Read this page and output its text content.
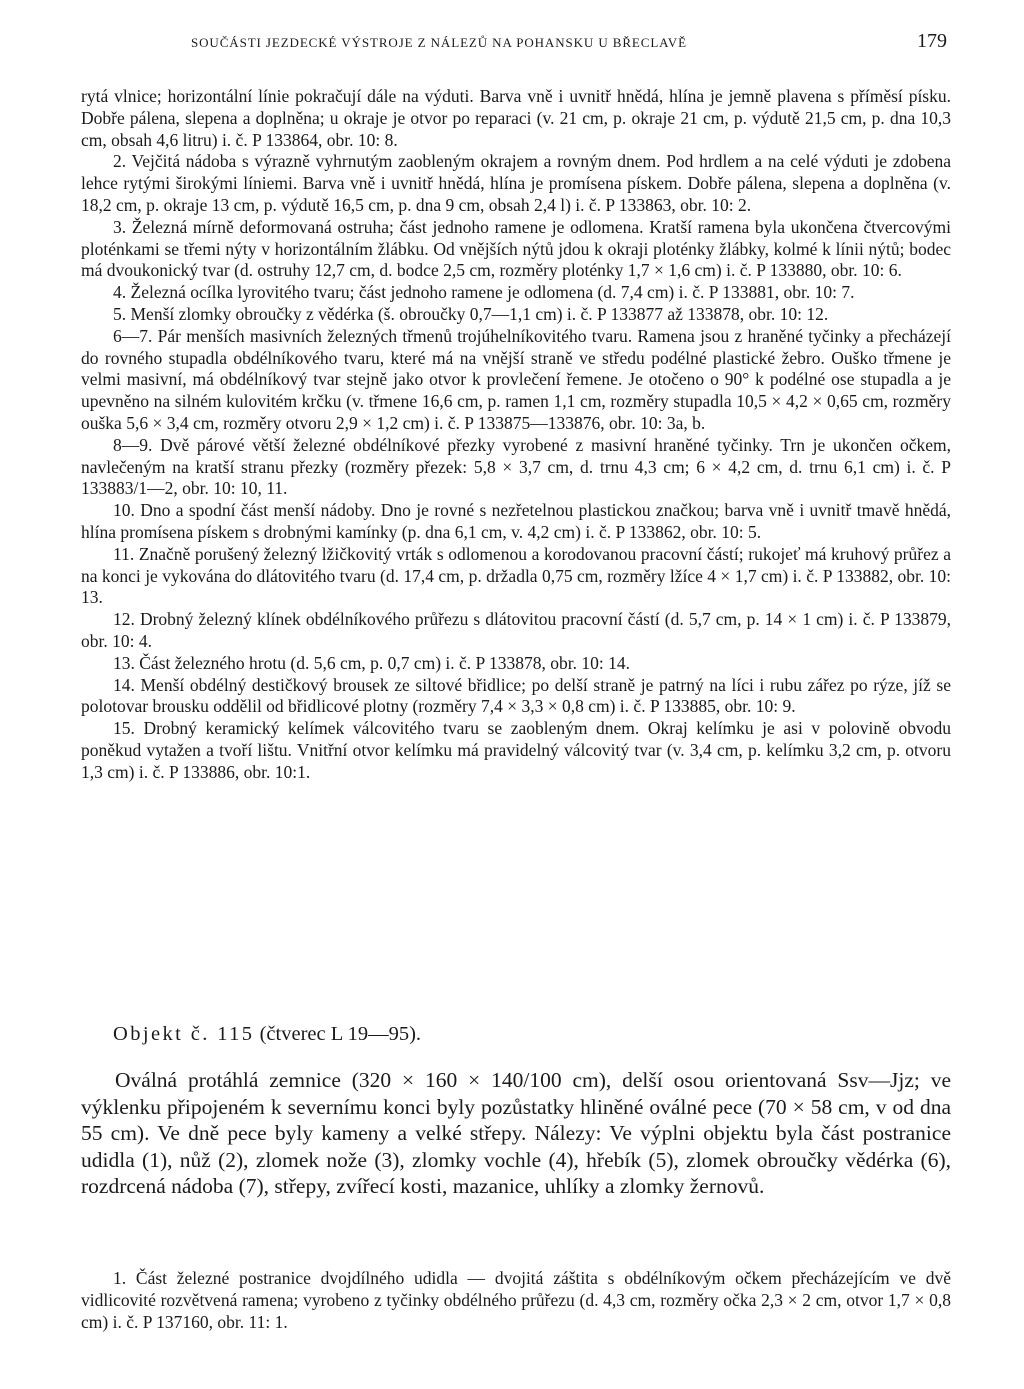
SOUČÁSTI JEZDECKÉ VÝSTROJE Z NÁLEZŮ NA POHANSKU U BŘECLAVĚ	179

rytá vlnice; horizontální línie pokračují dále na výduti. Barva vně i uvnitř hnědá, hlína je jemně plavena s příměsí písku. Dobře pálena, slepena a doplněna; u okraje je otvor po reparaci (v. 21 cm, p. okraje 21 cm, p. výdutě 21,5 cm, p. dna 10,3 cm, obsah 4,6 litru) i. č. P 133864, obr. 10: 8.

2. Vejčitá nádoba s výrazně vyhrnutým zaobleným okrajem a rovným dnem. Pod hrdlem a na celé výduti je zdobena lehce rytými širokými líniemi. Barva vně i uvnitř hnědá, hlína je promísena pískem. Dobře pálena, slepena a doplněna (v. 18,2 cm, p. okraje 13 cm, p. výdutě 16,5 cm, p. dna 9 cm, obsah 2,4 l) i. č. P 133863, obr. 10: 2.

3. Železná mírně deformovaná ostruha; část jednoho ramene je odlomena. Kratší ramena byla ukončena čtvercovými ploténkami se třemi nýty v horizontálním žlábku. Od vnějších nýtů jdou k okraji ploténky žlábky, kolmé k línii nýtů; bodec má dvoukonický tvar (d. ostruhy 12,7 cm, d. bodce 2,5 cm, rozměry ploténky 1,7 × 1,6 cm) i. č. P 133880, obr. 10: 6.

4. Železná ocílka lyrovitého tvaru; část jednoho ramene je odlomena (d. 7,4 cm) i. č. P 133881, obr. 10: 7.

5. Menší zlomky obroučky z vědérka (š. obroučky 0,7—1,1 cm) i. č. P 133877 až 133878, obr. 10: 12.

6—7. Pár menších masivních železných třmenů trojúhelníkovitého tvaru. Ramena jsou z hraněné tyčinky a přecházejí do rovného stupadla obdélníkového tvaru, které má na vnější straně ve středu podélné plastické žebro. Ouško třmene je velmi masivní, má obdélníkový tvar stejně jako otvor k provlečení řemene. Je otočeno o 90° k podélné ose stupadla a je upevněno na silném kulovitém krčku (v. třmene 16,6 cm, p. ramen 1,1 cm, rozměry stupadla 10,5 × 4,2 × 0,65 cm, rozměry ouška 5,6 × 3,4 cm, rozměry otvoru 2,9 × 1,2 cm) i. č. P 133875—133876, obr. 10: 3a, b.

8—9. Dvě párové větší železné obdélníkové přezky vyrobené z masivní hraněné tyčinky. Trn je ukončen očkem, navlečeným na kratší stranu přezky (rozměry přezek: 5,8 × 3,7 cm, d. trnu 4,3 cm; 6 × 4,2 cm, d. trnu 6,1 cm) i. č. P 133883/1—2, obr. 10: 10, 11.

10. Dno a spodní část menší nádoby. Dno je rovné s nezřetelnou plastickou značkou; barva vně i uvnitř tmavě hnědá, hlína promísena pískem s drobnými kamínky (p. dna 6,1 cm, v. 4,2 cm) i. č. P 133862, obr. 10: 5.

11. Značně porušený železný lžičkovitý vrták s odlomenou a korodovanou pracovní částí; rukojeť má kruhový průřez a na konci je vykována do dlátovitého tvaru (d. 17,4 cm, p. držadla 0,75 cm, rozměry lžíce 4 × 1,7 cm) i. č. P 133882, obr. 10: 13.

12. Drobný železný klínek obdélníkového průřezu s dlátovitou pracovní částí (d. 5,7 cm, p. 14 × 1 cm) i. č. P 133879, obr. 10: 4.

13. Část železného hrotu (d. 5,6 cm, p. 0,7 cm) i. č. P 133878, obr. 10: 14.

14. Menší obdélný destičkový brousek ze siltové břidlice; po delší straně je patrný na líci i rubu zářez po rýze, jíž se polotovar brousku oddělil od břidlicové plotny (rozměry 7,4 × 3,3 × 0,8 cm) i. č. P 133885, obr. 10: 9.

15. Drobný keramický kelímek válcovitého tvaru se zaobleným dnem. Okraj kelímku je asi v polovině obvodu poněkud vytažen a tvoří lištu. Vnitřní otvor kelímku má pravidelný válcovitý tvar (v. 3,4 cm, p. kelímku 3,2 cm, p. otvoru 1,3 cm) i. č. P 133886, obr. 10:1.

Objekt č. 115 (čtverec L 19—95).

Oválná protáhlá zemnice (320 × 160 × 140/100 cm), delší osou orientovaná Ssv—Jjz; ve výklenku připojeném k severnímu konci byly pozůstatky hliněné oválné pece (70 × 58 cm, v od dna 55 cm). Ve dně pece byly kameny a velké střepy. Nálezy: Ve výplni objektu byla část postranice udidla (1), nůž (2), zlomek nože (3), zlomky vochle (4), hřebík (5), zlomek obroučky vědérka (6), rozdrcená nádoba (7), střepy, zvířecí kosti, mazanice, uhlíky a zlomky žernovů.

1. Část železné postranice dvojdílného udidla — dvojitá záštita s obdélníkovým očkem přecházejícím ve dvě vidlicovité rozvětvená ramena; vyrobeno z tyčinky obdélného průřezu (d. 4,3 cm, rozměry očka 2,3 × 2 cm, otvor 1,7 × 0,8 cm) i. č. P 137160, obr. 11: 1.
